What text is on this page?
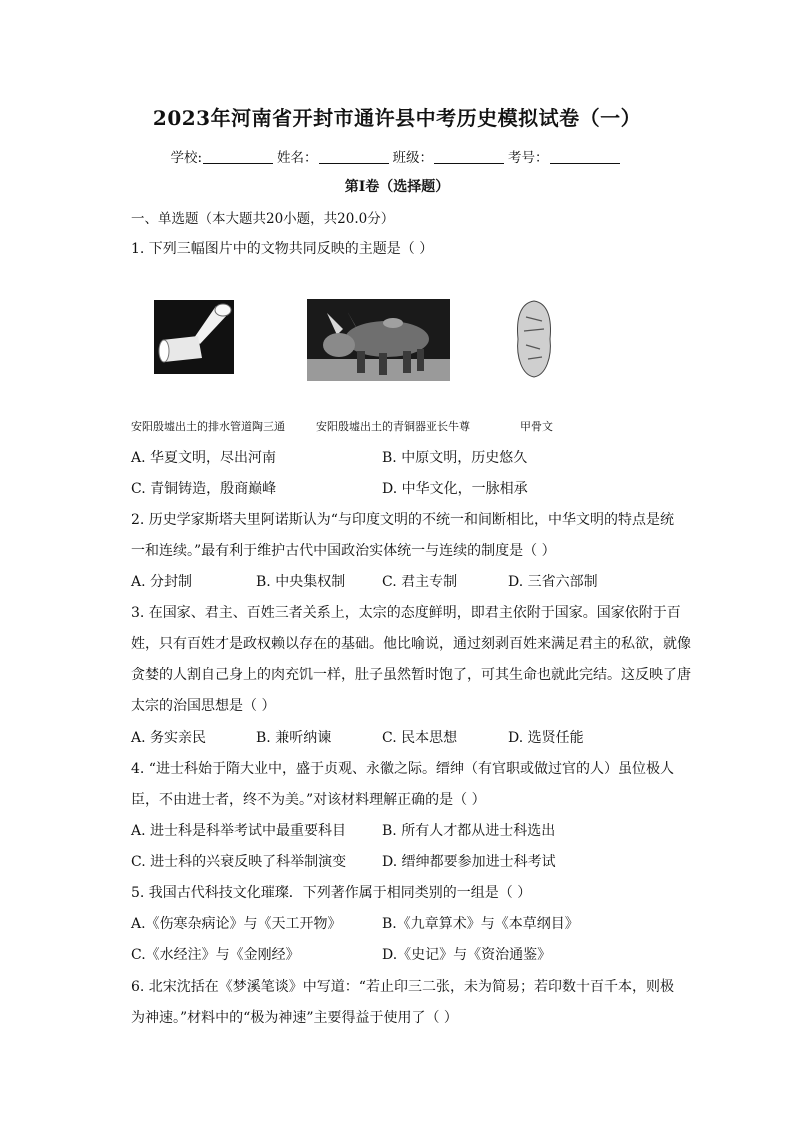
2023年河南省开封市通许县中考历史模拟试卷（一）
学校:	姓名：	班级：	考号：
第I卷（选择题）
一、单选题（本大题共20小题，共20.0分）
1. 下列三幅图片中的文物共同反映的主题是（ ）
安阳殷墟出土的排水管道陶三通	安阳殷墟出土的青铜器亚长牛尊	甲骨文
A. 华夏文明，尽出河南	B. 中原文明，历史悠久
C. 青铜铸造，殷商巅峰	D. 中华文化，一脉相承
2. 历史学家斯塔夫里阿诺斯认为“与印度文明的不统一和间断相比，中华文明的特点是统
一和连续。”最有利于维护古代中国政治实体统一与连续的制度是（ ）
A. 分封制	B. 中央集权制	C. 君主专制	D. 三省六部制
3. 在国家、君主、百姓三者关系上，太宗的态度鲜明，即君主依附于国家。国家依附于百
姓，只有百姓才是政权赖以存在的基础。他比喻说，通过刻剥百姓来满足君主的私欲，就像
贪婪的人割自己身上的肉充饥一样，肚子虽然暂时饱了，可其生命也就此完结。这反映了唐
太宗的治国思想是（ ）
A. 务实亲民	B. 兼听纳谏	C. 民本思想	D. 选贤任能
4. “进士科始于隋大业中，盛于贞观、永徽之际。缙绅（有官职或做过官的人）虽位极人
臣，不由进士者，终不为美。”对该材料理解正确的是（ ）
A. 进士科是科举考试中最重要科目	B. 所有人才都从进士科选出
C. 进士科的兴衰反映了科举制演变	D. 缙绅都要参加进士科考试
5. 我国古代科技文化璀璨．下列著作属于相同类别的一组是（ ）
A.《伤寒杂病论》与《天工开物》	B.《九章算术》与《本草纲目》
C.《水经注》与《金刚经》	D.《史记》与《资治通鉴》
6. 北宋沈括在《梦溪笔谈》中写道：“若止印三二张，未为简易；若印数十百千本，则极
为神速。”材料中的“极为神速”主要得益于使用了（ ）
